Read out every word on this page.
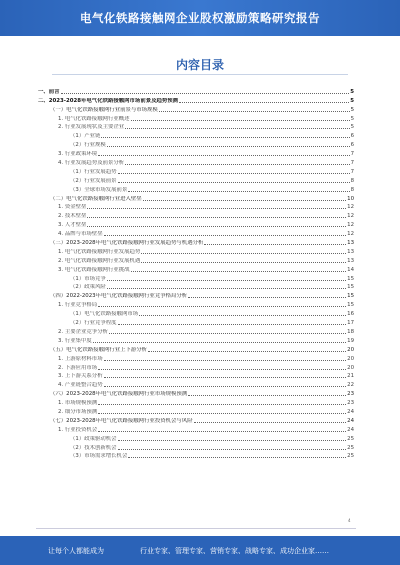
电气化铁路接触网企业股权激励策略研究报告
内容目录
一、前言	5
二、2023-2028年电气化铁路接触网市场前景及趋势预测	5
（一）电气化铁路接触网行业前景与市场规模	5
1. 电气化铁路接触网行业概述	5
2. 行业发展现状及主要企业	5
（1）产业链	6
（2）行业规模	6
3. 行业政策环境	7
4. 行业发展趋势及前景分析	7
（1）行业发展趋势	7
（2）行业发展前景	8
（3）全球市场发展前景	8
（二）电气化铁路接触网行业进入壁垒	10
1. 资金壁垒	12
2. 技术壁垒	12
3. 人才壁垒	12
4. 品牌与市场壁垒	12
（三）2023-2028年电气化铁路接触网行业发展趋势与机遇分析	13
1. 电气化铁路接触网行业发展趋势	13
2. 电气化铁路接触网行业发展机遇	13
3. 电气化铁路接触网行业挑战	14
（1）市场竞争	15
（2）政策风险	15
（四）2022-2023年电气化铁路接触网行业竞争格局分析	15
1. 行业竞争格局	15
（1）电气化铁路接触网市场	16
（2）行业竞争程度	17
2. 主要企业竞争分析	18
3. 行业集中度	19
（五）电气化铁路接触网行业上下游分析	20
1. 上游原材料市场	20
2. 下游应用市场	20
3. 上下游关系分析	21
4. 产业链整合趋势	22
（六）2023-2028年电气化铁路接触网行业市场规模预测	23
1. 市场规模预测	23
2. 细分市场预测	24
（七）2023-2028年电气化铁路接触网行业投资机会与风险	24
1. 行业投资机会	24
（1）政策驱动机会	25
（2）技术创新机会	25
（3）市场需求增长机会	25
4
让每个人都能成为	行业专家、管理专家、营销专家、战略专家、成功企业家……
